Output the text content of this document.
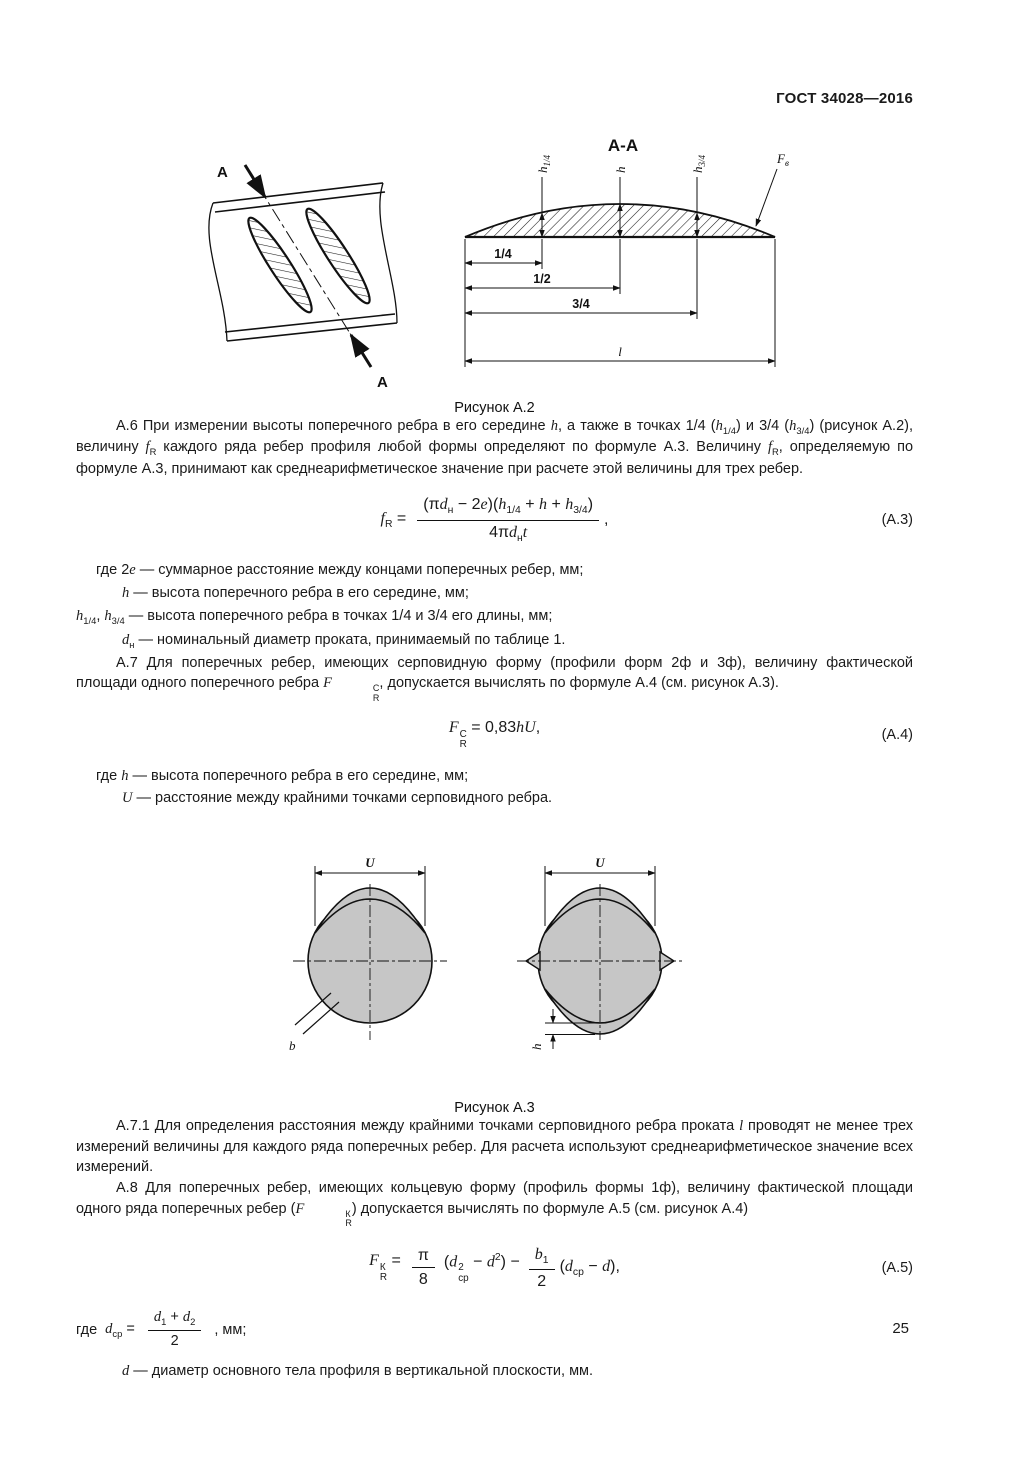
ГОСТ 34028—2016
А
А
А-А
$h_{1/4}$
h	$h_{3/4}$	$F_в$
1/4
1/2
3/4
l
Рисунок А.2

А.6 При измерении высоты поперечного ребра в его середине h, а также в точках 1/4 $(h_{1/4})$ и 3/4 $(h_{3/4})$ (рисунок А.2), величину $f_R$ каждого ряда ребер профиля любой формы определяют по формуле А.3. Величину $f_R$, определяемую по формуле А.3, принимают как среднеарифметическое значение при расчете этой величины для трех ребер.

$f_R = \frac{(\pi d_н - 2e)(h_{1/4} + h + h_{3/4})}{4\pi d_нt}$ ,	(А.3)
где 2e — суммарное расстояние между концами поперечных ребер, мм;
h — высота поперечного ребра в его середине, мм;
$h_{1/4}$, $h_{3/4}$ — высота поперечного ребра в точках 1/4 и 3/4 его длины, мм;
$d_н$ — номинальный диаметр проката, принимаемый по таблице 1.

А.7 Для поперечных ребер, имеющих серповидную форму (профили форм 2ф и 3ф), величину фактической площади одного поперечного ребра F	С
R
, допускается вычислять по формуле А.4 (см. рисунок А.3).

F С
R
= 0,83hU,	(А.4)
где h — высота поперечного ребра в его середине, мм;
U — расстояние между крайними точками серповидного ребра.
U
b
U
h
Рисунок А.3

А.7.1 Для определения расстояния между крайними точками серповидного ребра проката l проводят не менее трех измерений величины для каждого ряда поперечных ребер. Для расчета используют среднеарифметическое значение всех измерений.

А.8 Для поперечных ребер, имеющих кольцевую форму (профиль формы 1ф), величину фактической площади одного ряда поперечных ребер (F	К
R
) допускается вычислять по формуле А.5 (см. рисунок А.4)

F К
R
= $\frac{\pi}{8} (d$ 2
ср
− $d^2) - \frac{b_1}{2} (d_{ср} - d)$,	(А.5)
где $d_{ср} = \frac{d_1 + d_2}{2}$ , мм;
d — диаметр основного тела профиля в вертикальной плоскости, мм.
25
